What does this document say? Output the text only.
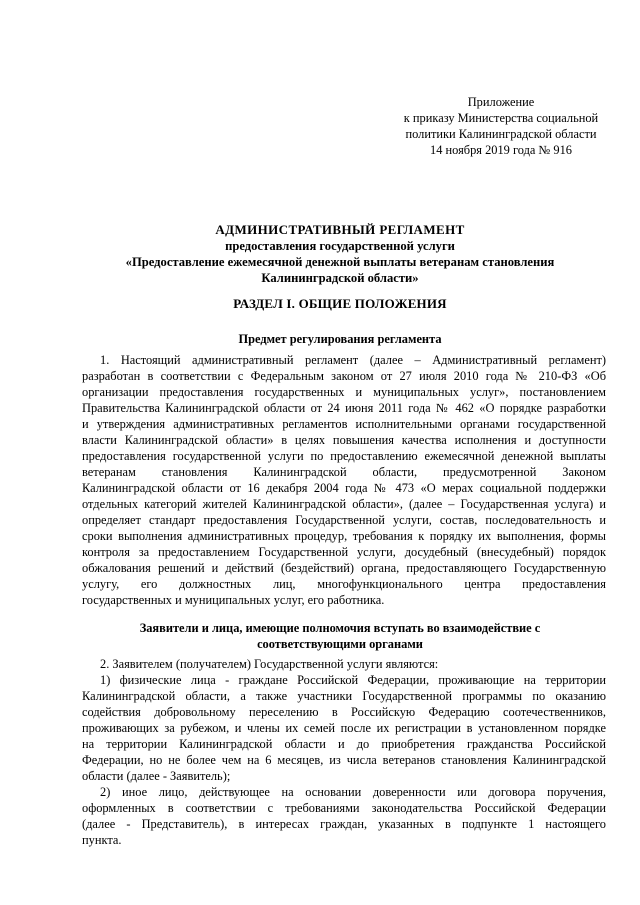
Приложение
к приказу Министерства социальной
политики Калининградской области
14 ноября 2019 года № 916
АДМИНИСТРАТИВНЫЙ РЕГЛАМЕНТ
предоставления государственной услуги
«Предоставление ежемесячной денежной выплаты ветеранам становления
Калининградской области»
РАЗДЕЛ I. ОБЩИЕ ПОЛОЖЕНИЯ
Предмет регулирования регламента
1. Настоящий административный регламент (далее – Административный регламент)
разработан в соответствии с Федеральным законом от 27 июля 2010 года № 210-ФЗ «Об
организации предоставления государственных и муниципальных услуг», постановлением
Правительства Калининградской области от 24 июня 2011 года № 462 «О порядке разработки
и утверждения административных регламентов исполнительными органами государственной
власти Калининградской области» в целях повышения качества исполнения и доступности
предоставления государственной услуги по предоставлению ежемесячной денежной выплаты
ветеранам становления Калининградской области, предусмотренной Законом
Калининградской области от 16 декабря 2004 года № 473 «О мерах социальной поддержки
отдельных категорий жителей Калининградской области», (далее – Государственная услуга) и
определяет стандарт предоставления Государственной услуги, состав, последовательность и
сроки выполнения административных процедур, требования к порядку их выполнения, формы
контроля за предоставлением Государственной услуги, досудебный (внесудебный) порядок
обжалования решений и действий (бездействий) органа, предоставляющего Государственную
услугу, его должностных лиц, многофункционального центра предоставления
государственных и муниципальных услуг, его работника.
Заявители и лица, имеющие полномочия вступать во взаимодействие с
соответствующими органами
2. Заявителем (получателем) Государственной услуги являются:
1) физические лица - граждане Российской Федерации, проживающие на территории
Калининградской области, а также участники Государственной программы по оказанию
содействия добровольному переселению в Российскую Федерацию соотечественников,
проживающих за рубежом, и члены их семей после их регистрации в установленном порядке
на территории Калининградской области и до приобретения гражданства Российской
Федерации, но не более чем на 6 месяцев, из числа ветеранов становления Калининградской
области (далее - Заявитель);
2) иное лицо, действующее на основании доверенности или договора поручения,
оформленных в соответствии с требованиями законодательства Российской Федерации
(далее - Представитель), в интересах граждан, указанных в подпункте 1 настоящего
пункта.
